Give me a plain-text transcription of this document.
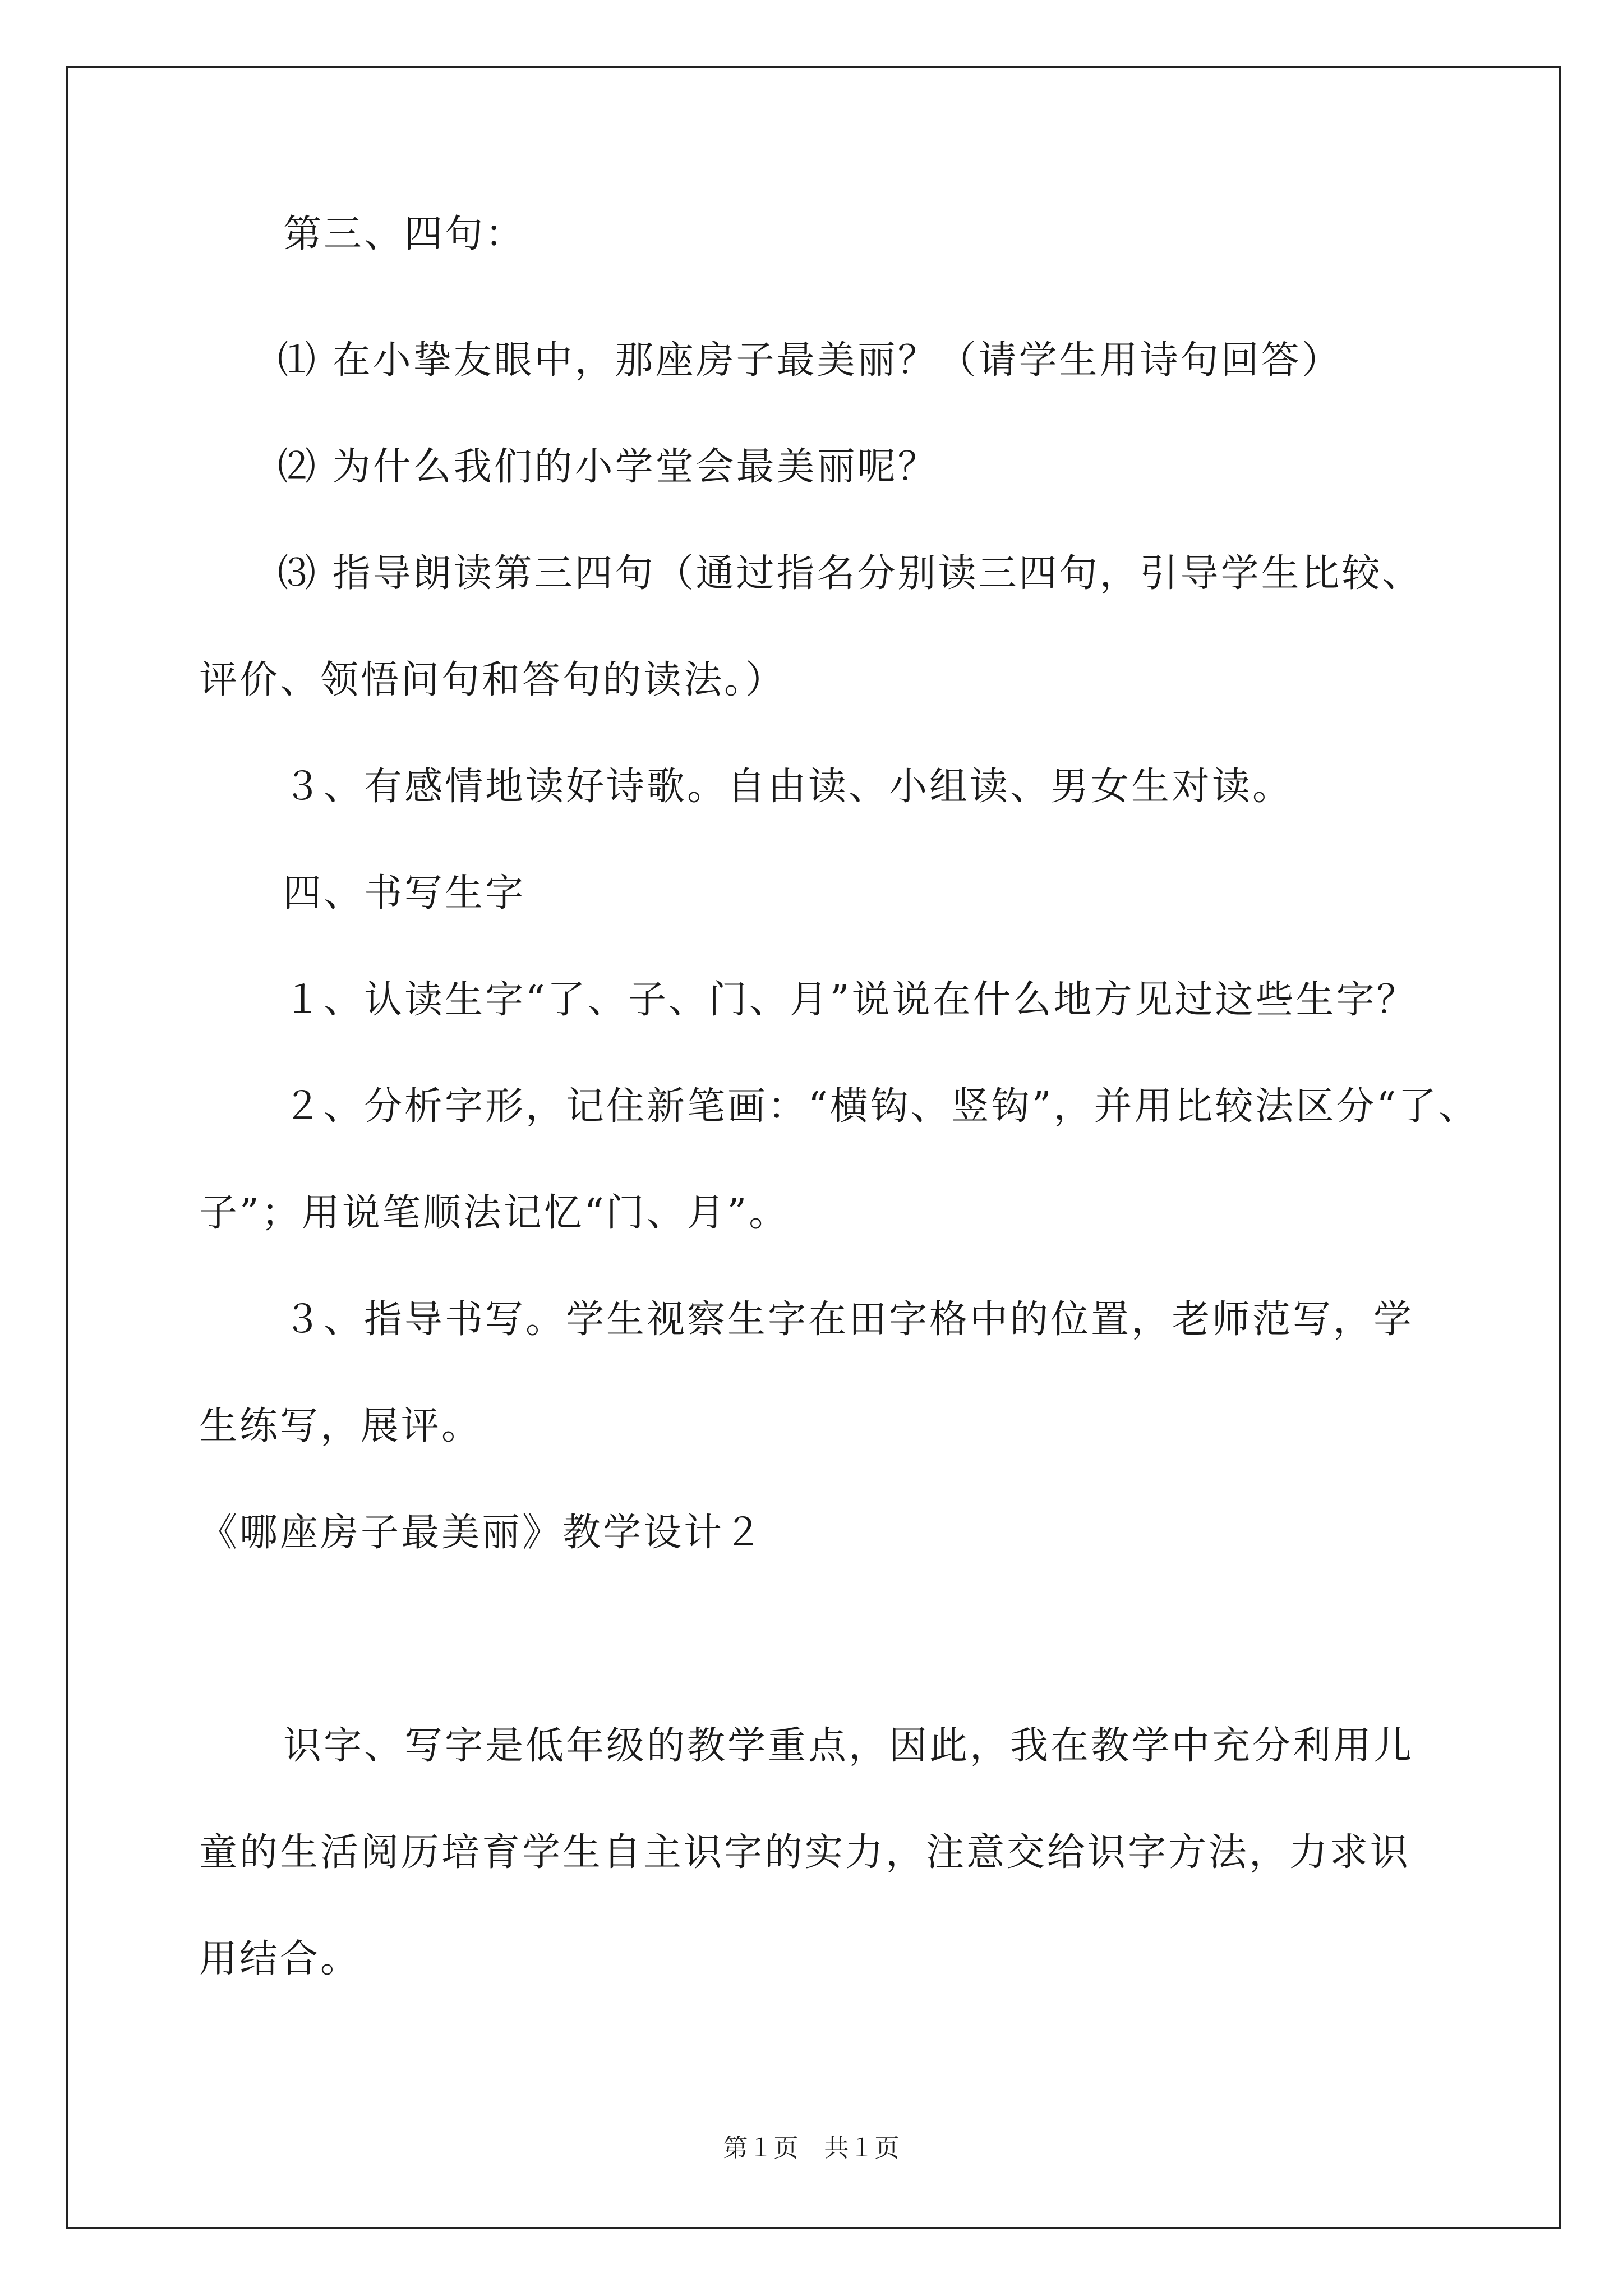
第三、四句：
⑴ 在小挚友眼中，那座房子最美丽？（请学生用诗句回答）
⑵ 为什么我们的小学堂会最美丽呢？
⑶ 指导朗读第三四句（通过指名分别读三四句，引导学生比较、
评价、领悟问句和答句的读法。）
３、有感情地读好诗歌。自由读、小组读、男女生对读。
四、书写生字
１、认读生字“了、子、门、月”说说在什么地方见过这些生字？
２、分析字形，记住新笔画：“横钩、竖钩”，并用比较法区分“了、
子”；用说笔顺法记忆“门、月”。
３、指导书写。学生视察生字在田字格中的位置，老师范写，学
生练写，展评。
《哪座房子最美丽》教学设计２
识字、写字是低年级的教学重点，因此，我在教学中充分利用儿
童的生活阅历培育学生自主识字的实力，注意交给识字方法，力求识
用结合。
第１页　共１页
